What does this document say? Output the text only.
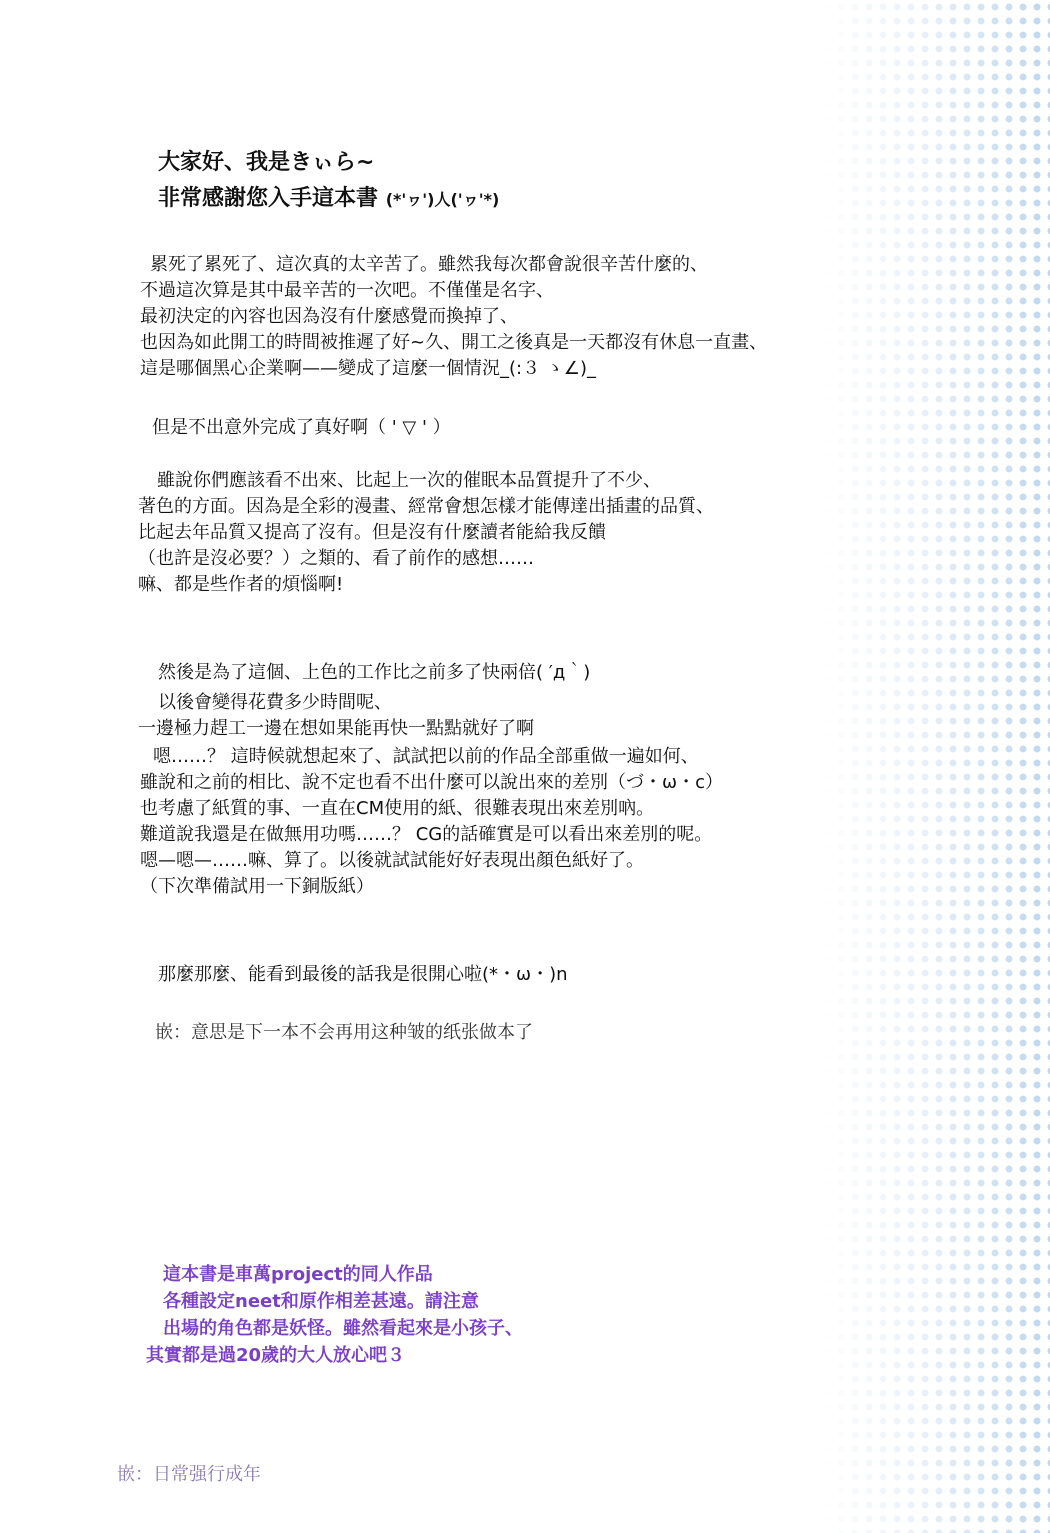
大家好、我是きぃら~
非常感謝您入手這本書 (*'ヮ')人('ヮ'*)
累死了累死了、這次真的太辛苦了。雖然我每次都會說很辛苦什麼的、
不過這次算是其中最辛苦的一次吧。不僅僅是名字、
最初決定的內容也因為沒有什麼感覺而換掉了、
也因為如此開工的時間被推遲了好~久、開工之後真是一天都沒有休息一直畫、
這是哪個黑心企業啊——變成了這麼一個情況_(:３ ゝ∠)_
但是不出意外完成了真好啊（ ' ▽ ' ）
雖說你們應該看不出來、比起上一次的催眠本品質提升了不少、
著色的方面。因為是全彩的漫畫、經常會想怎樣才能傳達出插畫的品質、
比起去年品質又提高了沒有。但是沒有什麼讀者能給我反饋
（也許是沒必要？）之類的、看了前作的感想……
嘛、都是些作者的煩惱啊!
然後是為了這個、上色的工作比之前多了快兩倍( ′д｀)
以後會變得花費多少時間呢、
一邊極力趕工一邊在想如果能再快一點點就好了啊
嗯……？ 這時候就想起來了、試試把以前的作品全部重做一遍如何、
雖說和之前的相比、說不定也看不出什麼可以說出來的差別（づ・ω・c）
也考慮了紙質的事、一直在CM使用的紙、很難表現出來差別吶。
難道說我還是在做無用功嗎……？ CG的話確實是可以看出來差別的呢。
嗯—嗯—……嘛、算了。以後就試試能好好表現出顏色紙好了。
（下次準備試用一下銅版紙）
那麼那麼、能看到最後的話我是很開心啦(*・ω・)n
嵌：意思是下一本不会再用这种皱的纸张做本了
這本書是車萬project的同人作品
各種設定neet和原作相差甚遠。請注意
出場的角色都是妖怪。雖然看起來是小孩子、
其實都是過20歲的大人放心吧３
嵌：日常强行成年
